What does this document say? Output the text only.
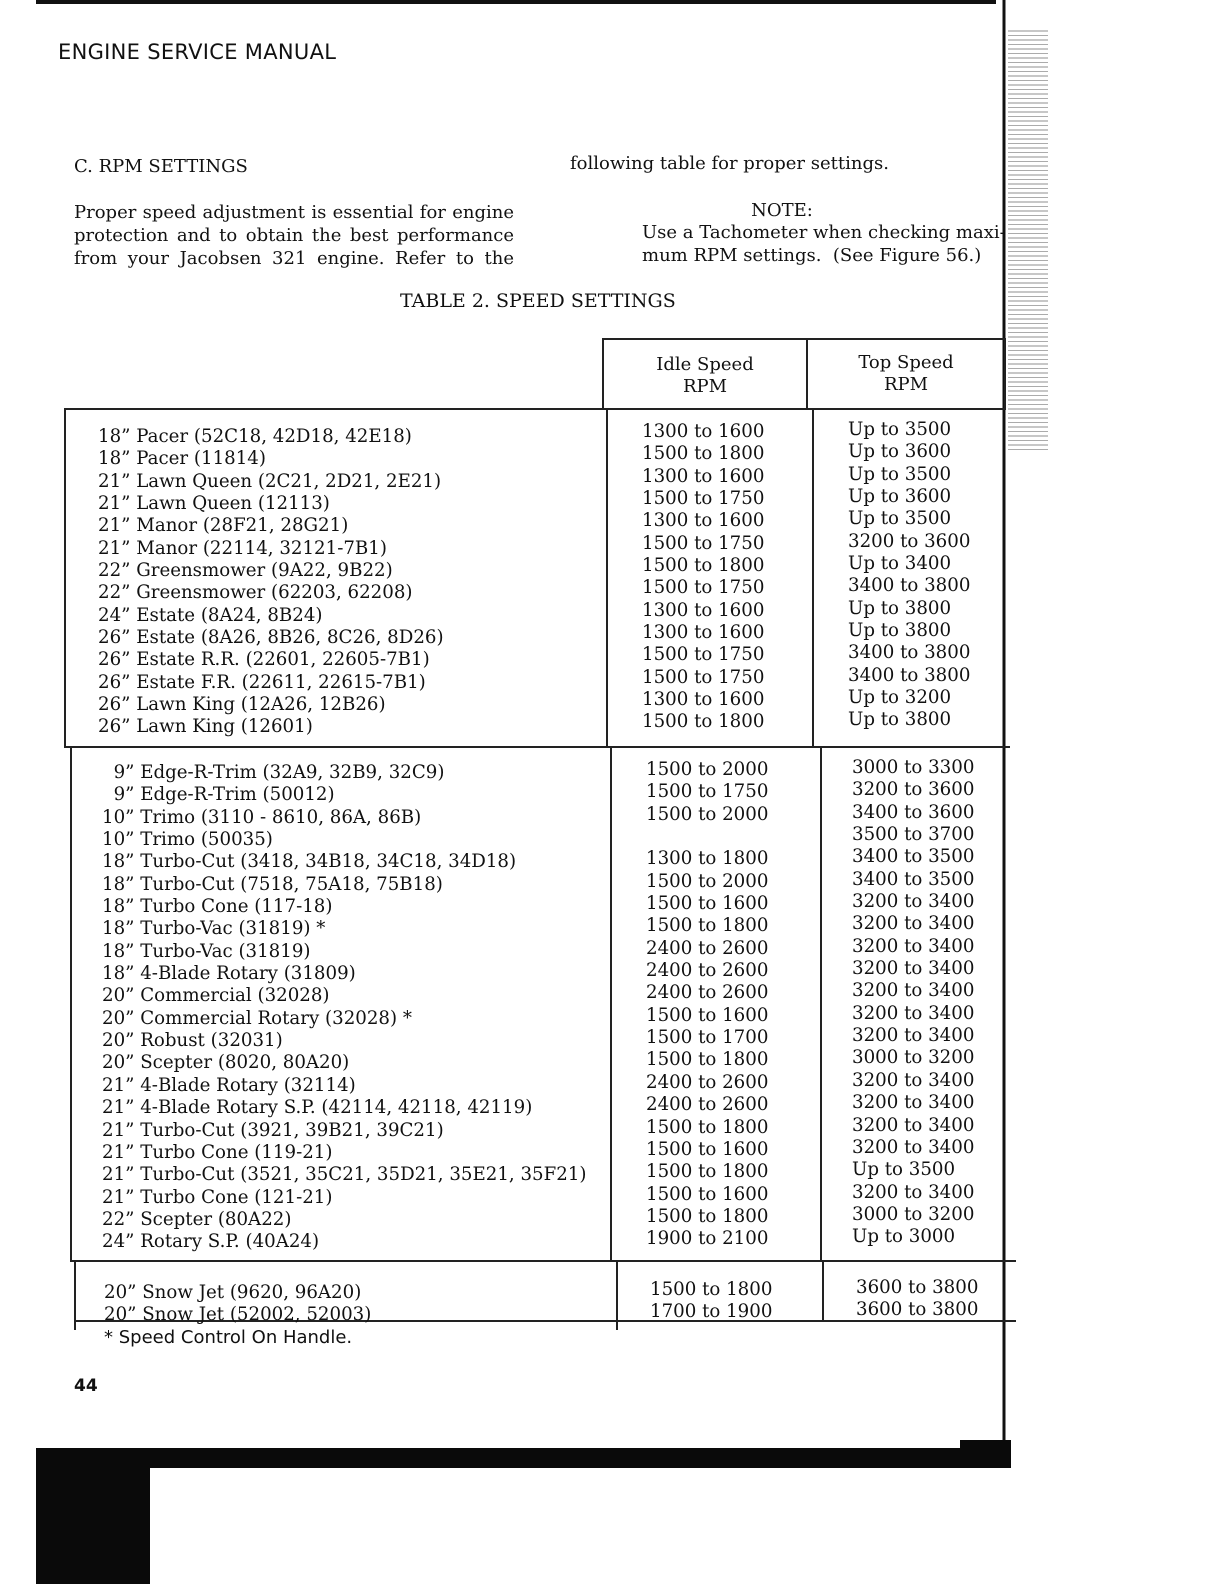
ENGINE SERVICE MANUAL
C. RPM SETTINGS
Proper speed adjustment is essential for engine
protection and to obtain the best performance
from your Jacobsen 321 engine. Refer to the
following table for proper settings.
NOTE:
Use a Tachometer when checking maxi-
mum RPM settings.  (See Figure 56.)
TABLE 2. SPEED SETTINGS
Idle Speed
RPM
Top Speed
RPM
18” Pacer (52C18, 42D18, 42E18)
18” Pacer (11814)
21” Lawn Queen (2C21, 2D21, 2E21)
21” Lawn Queen (12113)
21” Manor (28F21, 28G21)
21” Manor (22114, 32121-7B1)
22” Greensmower (9A22, 9B22)
22” Greensmower (62203, 62208)
24” Estate (8A24, 8B24)
26” Estate (8A26, 8B26, 8C26, 8D26)
26” Estate R.R. (22601, 22605-7B1)
26” Estate F.R. (22611, 22615-7B1)
26” Lawn King (12A26, 12B26)
26” Lawn King (12601)
1300 to 1600
1500 to 1800
1300 to 1600
1500 to 1750
1300 to 1600
1500 to 1750
1500 to 1800
1500 to 1750
1300 to 1600
1300 to 1600
1500 to 1750
1500 to 1750
1300 to 1600
1500 to 1800
Up to 3500
Up to 3600
Up to 3500
Up to 3600
Up to 3500
3200 to 3600
Up to 3400
3400 to 3800
Up to 3800
Up to 3800
3400 to 3800
3400 to 3800
Up to 3200
Up to 3800
9” Edge-R-Trim (32A9, 32B9, 32C9)
9” Edge-R-Trim (50012)
10” Trimo (3110 - 8610, 86A, 86B)
10” Trimo (50035)
18” Turbo-Cut (3418, 34B18, 34C18, 34D18)
18” Turbo-Cut (7518, 75A18, 75B18)
18” Turbo Cone (117-18)
18” Turbo-Vac (31819) *
18” Turbo-Vac (31819)
18” 4-Blade Rotary (31809)
20” Commercial (32028)
20” Commercial Rotary (32028) *
20” Robust (32031)
20” Scepter (8020, 80A20)
21” 4-Blade Rotary (32114)
21” 4-Blade Rotary S.P. (42114, 42118, 42119)
21” Turbo-Cut (3921, 39B21, 39C21)
21” Turbo Cone (119-21)
21” Turbo-Cut (3521, 35C21, 35D21, 35E21, 35F21)
21” Turbo Cone (121-21)
22” Scepter (80A22)
24” Rotary S.P. (40A24)
1500 to 2000
1500 to 1750
1500 to 2000
1300 to 1800
1500 to 2000
1500 to 1600
1500 to 1800
2400 to 2600
2400 to 2600
2400 to 2600
1500 to 1600
1500 to 1700
1500 to 1800
2400 to 2600
2400 to 2600
1500 to 1800
1500 to 1600
1500 to 1800
1500 to 1600
1500 to 1800
1900 to 2100
3000 to 3300
3200 to 3600
3400 to 3600
3500 to 3700
3400 to 3500
3400 to 3500
3200 to 3400
3200 to 3400
3200 to 3400
3200 to 3400
3200 to 3400
3200 to 3400
3200 to 3400
3000 to 3200
3200 to 3400
3200 to 3400
3200 to 3400
3200 to 3400
Up to 3500
3200 to 3400
3000 to 3200
Up to 3000
20” Snow Jet (9620, 96A20)
20” Snow Jet (52002, 52003)
1500 to 1800
1700 to 1900
3600 to 3800
3600 to 3800
* Speed Control On Handle.
44
